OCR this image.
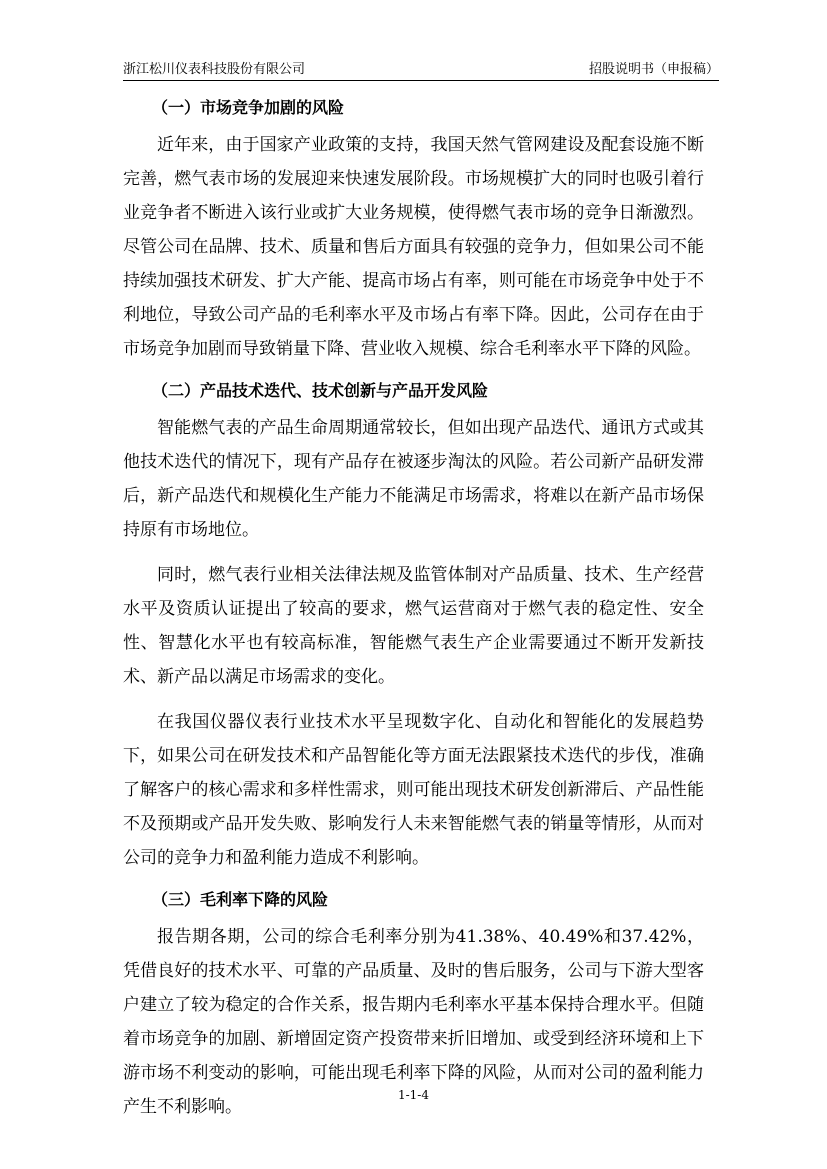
浙江松川仪表科技股份有限公司	招股说明书（申报稿）
（一）市场竞争加剧的风险

近年来，由于国家产业政策的支持，我国天然气管网建设及配套设施不断完善，燃气表市场的发展迎来快速发展阶段。市场规模扩大的同时也吸引着行业竞争者不断进入该行业或扩大业务规模，使得燃气表市场的竞争日渐激烈。尽管公司在品牌、技术、质量和售后方面具有较强的竞争力，但如果公司不能持续加强技术研发、扩大产能、提高市场占有率，则可能在市场竞争中处于不利地位，导致公司产品的毛利率水平及市场占有率下降。因此，公司存在由于市场竞争加剧而导致销量下降、营业收入规模、综合毛利率水平下降的风险。

（二）产品技术迭代、技术创新与产品开发风险

智能燃气表的产品生命周期通常较长，但如出现产品迭代、通讯方式或其他技术迭代的情况下，现有产品存在被逐步淘汰的风险。若公司新产品研发滞后，新产品迭代和规模化生产能力不能满足市场需求，将难以在新产品市场保持原有市场地位。

同时，燃气表行业相关法律法规及监管体制对产品质量、技术、生产经营水平及资质认证提出了较高的要求，燃气运营商对于燃气表的稳定性、安全性、智慧化水平也有较高标准，智能燃气表生产企业需要通过不断开发新技术、新产品以满足市场需求的变化。

在我国仪器仪表行业技术水平呈现数字化、自动化和智能化的发展趋势下，如果公司在研发技术和产品智能化等方面无法跟紧技术迭代的步伐，准确了解客户的核心需求和多样性需求，则可能出现技术研发创新滞后、产品性能不及预期或产品开发失败、影响发行人未来智能燃气表的销量等情形，从而对公司的竞争力和盈利能力造成不利影响。

（三）毛利率下降的风险

报告期各期，公司的综合毛利率分别为41.38%、40.49%和37.42%，凭借良好的技术水平、可靠的产品质量、及时的售后服务，公司与下游大型客户建立了较为稳定的合作关系，报告期内毛利率水平基本保持合理水平。但随着市场竞争的加剧、新增固定资产投资带来折旧增加、或受到经济环境和上下游市场不利变动的影响，可能出现毛利率下降的风险，从而对公司的盈利能力产生不利影响。

1-1-4
